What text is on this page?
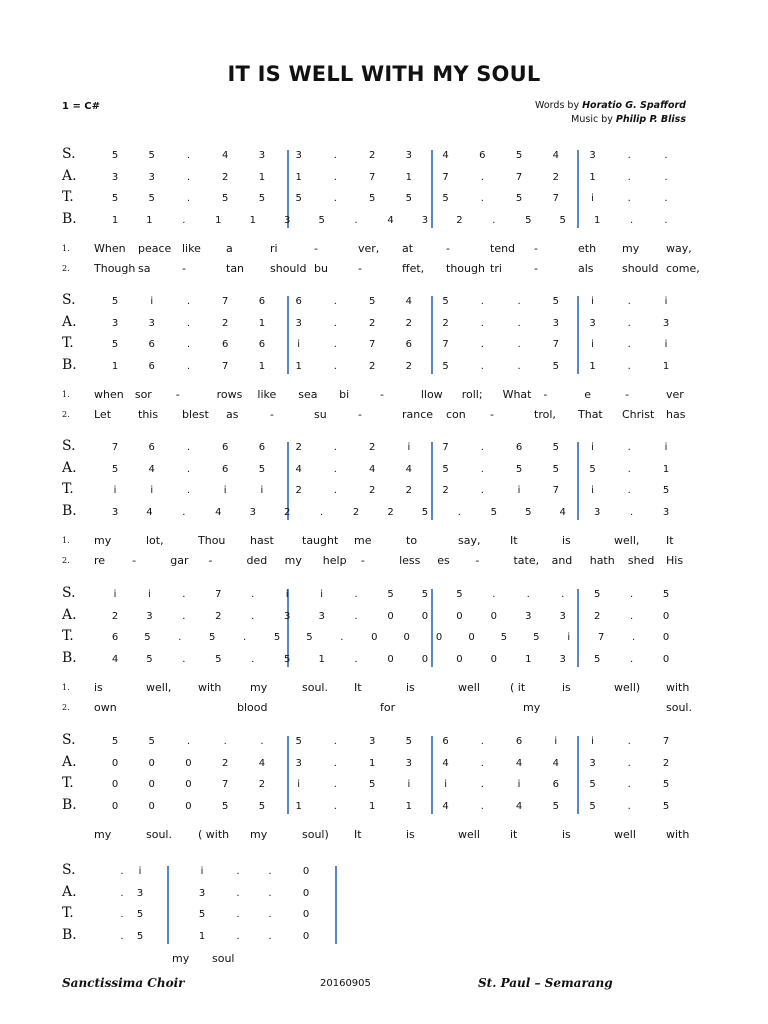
IT IS WELL WITH MY SOUL
1 = C#	Words by Horatio G. Spafford
Music by Philip P. Bliss
S.	5	5	.	4	3	3	.	2	3	4	6	5	4	3	.	.
A.	3	3	.	2	1	1	.	7	1	7	.	7	2	1	.	.
T.	5	5	.	5	5	5	.	5	5	5	.	5	7	i	.	.
B.	1	1	.	1	1	3	5	.	4	3	2	.	5	5	1	.	.
1. When peace like a	ri	-	ver, at	-	tend -	eth my way,
2. Though sa	-	tan should bu	-	ffet, though tri	-	als	should come,
S.	5	i	.	7	6	6	.	5	4	5	.	.	5	i	.	i
A.	3	3	.	2	1	3	.	2	2	2	.	.	3	3	.	3
T.	5	6	.	6	6	i	.	7	6	7	.	.	7	i	.	i
B.	1	6	.	7	1	1	.	2	2	5	.	.	5	1	.	1
1. when sor -	rows like sea bi	-	llow roll; What -	e	-	ver
2. Let this blest as	-	su	-	rance con -	trol, That Christ has
S.	7	6	.	6	6	2	.	2	i	7	.	6	5	i	.	i
A.	5	4	.	6	5	4	.	4	4	5	.	5	5	5	.	1
T.	i	i	.	i	i	2	.	2	2	2	.	i	7	i	.	5
B.	3	4	.	4	3	2	.	2	2	5	.	5	5	4	3	.	3
1. my	lot,	Thou hast	taught me	to	say,	It	is	well, It
2. re -	gar -	ded my help -	less es -	tate, and hath shed His
S.	i	i	.	7	.	i	i	.	5	5	5	.	.	.	5	.	5
A.	2	3	.	2	.	3	3	.	0	0	0	0	3	3	2	.	0
T.	6	5	.	5	.	5	5	.	0	0	0	0	5	5	i	7	.	0
B.	4	5	.	5	.	5	1	.	0	0	0	0	1	3	5	.	0
1. is	well, with	my	soul. It	is	well	( it	is	well) with
2. own	blood	for	my	soul.
S.	5	5	.	.	.	5	.	3	5	6	.	6	i	i	.	7
A.	0	0	0	2	4	3	.	1	3	4	.	4	4	3	.	2
T.	0	0	0	7	2	i	.	5	i	i	.	i	6	5	.	5
B.	0	0	0	5	5	1	.	1	1	4	.	4	5	5	.	5
my	soul. ( with my	soul) It	is	well	it	is	well	with
S.	.	i	i	.	.	0
A.	.	3	3	.	.	0
T.	.	5	5	.	.	0
B.	.	5	1	.	.	0
my soul
Sanctissima Choir	20160905	St. Paul – Semarang
